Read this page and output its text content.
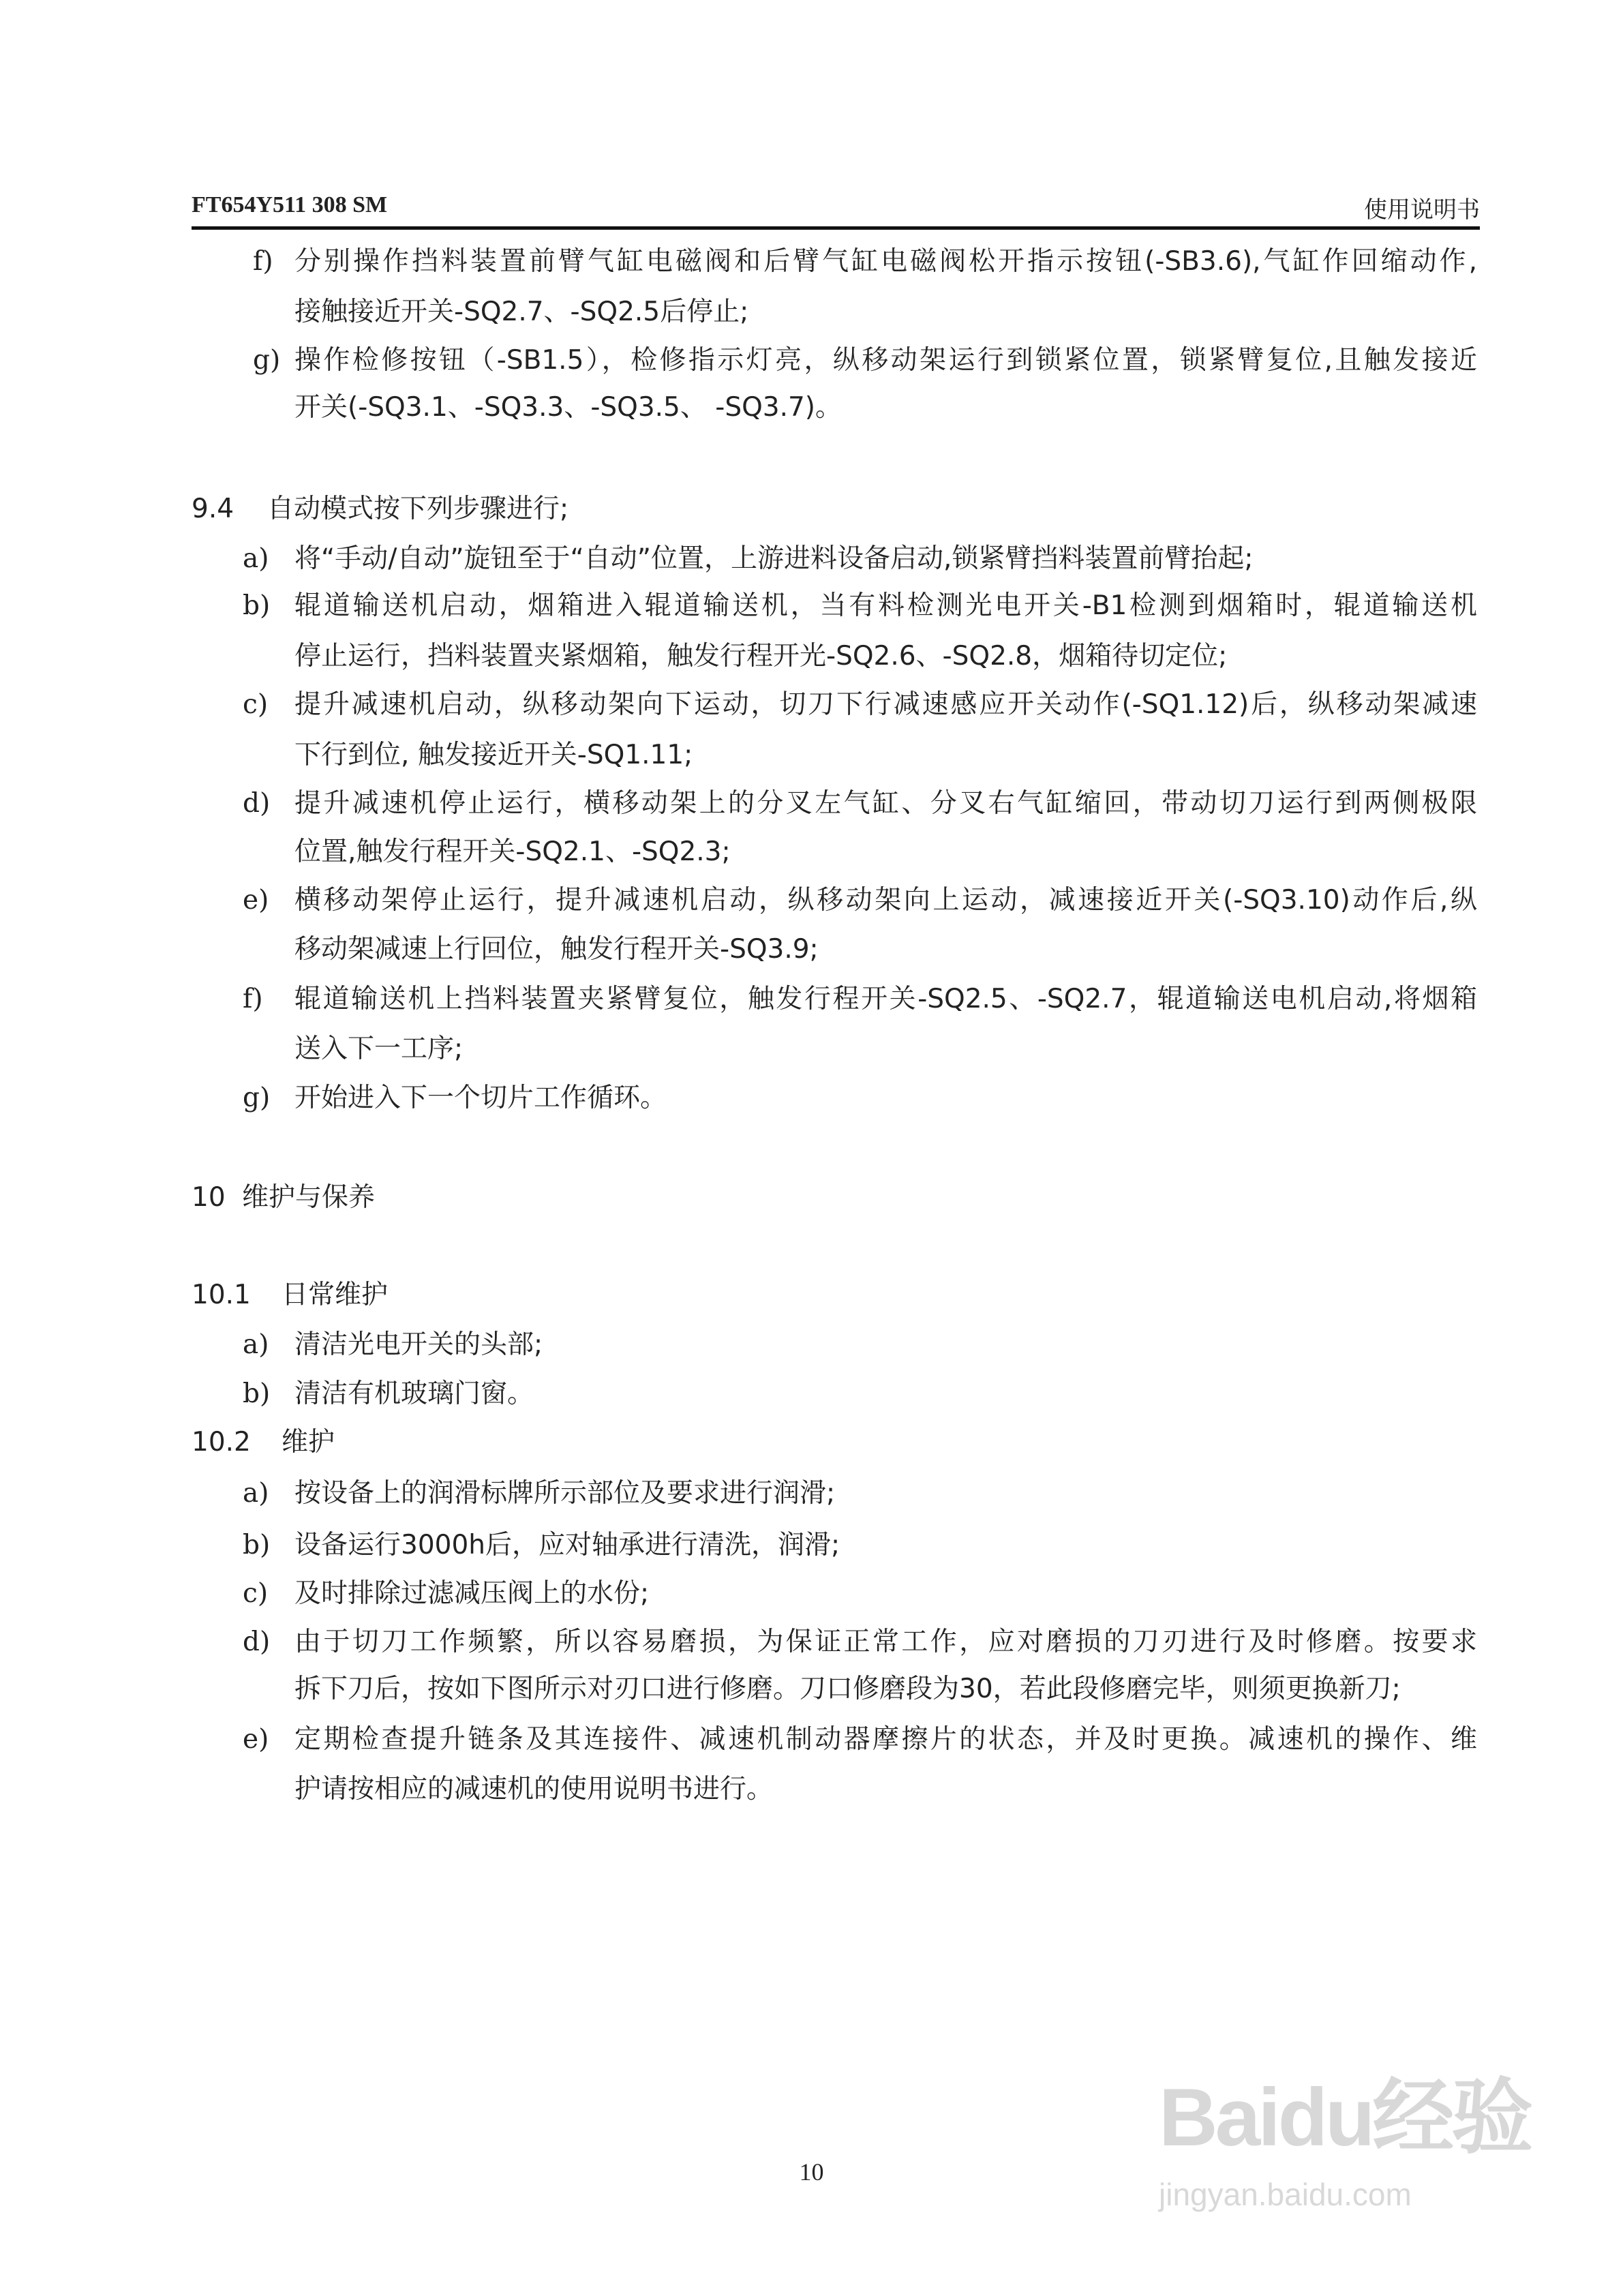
FT654Y511 308 SM	使用说明书
f) 分别操作挡料装置前臂气缸电磁阀和后臂气缸电磁阀松开指示按钮(-SB3.6),气缸作回缩动作,
接触接近开关-SQ2.7、-SQ2.5后停止;
g) 操作检修按钮（-SB1.5），检修指示灯亮，纵移动架运行到锁紧位置，锁紧臂复位,且触发接近
开关(-SQ3.1、-SQ3.3、-SQ3.5、 -SQ3.7)。
9.4 自动模式按下列步骤进行;
a) 将“手动/自动”旋钮至于“自动”位置，上游进料设备启动,锁紧臂挡料装置前臂抬起;
b) 辊道输送机启动，烟箱进入辊道输送机，当有料检测光电开关-B1检测到烟箱时，辊道输送机
停止运行，挡料装置夹紧烟箱，触发行程开光-SQ2.6、-SQ2.8，烟箱待切定位;
c) 提升减速机启动，纵移动架向下运动，切刀下行减速感应开关动作(-SQ1.12)后，纵移动架减速
下行到位, 触发接近开关-SQ1.11;
d) 提升减速机停止运行，横移动架上的分叉左气缸、分叉右气缸缩回，带动切刀运行到两侧极限
位置,触发行程开关-SQ2.1、-SQ2.3;
e) 横移动架停止运行，提升减速机启动，纵移动架向上运动，减速接近开关(-SQ3.10)动作后,纵
移动架减速上行回位，触发行程开关-SQ3.9;
f) 辊道输送机上挡料装置夹紧臂复位，触发行程开关-SQ2.5、-SQ2.7，辊道输送电机启动,将烟箱
送入下一工序;
g) 开始进入下一个切片工作循环。
10 维护与保养
10.1 日常维护
a) 清洁光电开关的头部;
b) 清洁有机玻璃门窗。
10.2 维护
a) 按设备上的润滑标牌所示部位及要求进行润滑;
b) 设备运行3000h后，应对轴承进行清洗，润滑;
c) 及时排除过滤减压阀上的水份;
d) 由于切刀工作频繁，所以容易磨损，为保证正常工作，应对磨损的刀刃进行及时修磨。按要求
拆下刀后，按如下图所示对刃口进行修磨。刀口修磨段为30，若此段修磨完毕，则须更换新刀;
e) 定期检查提升链条及其连接件、减速机制动器摩擦片的状态，并及时更换。减速机的操作、维
护请按相应的减速机的使用说明书进行。
10
Baidu经验
jingyan.baidu.com
